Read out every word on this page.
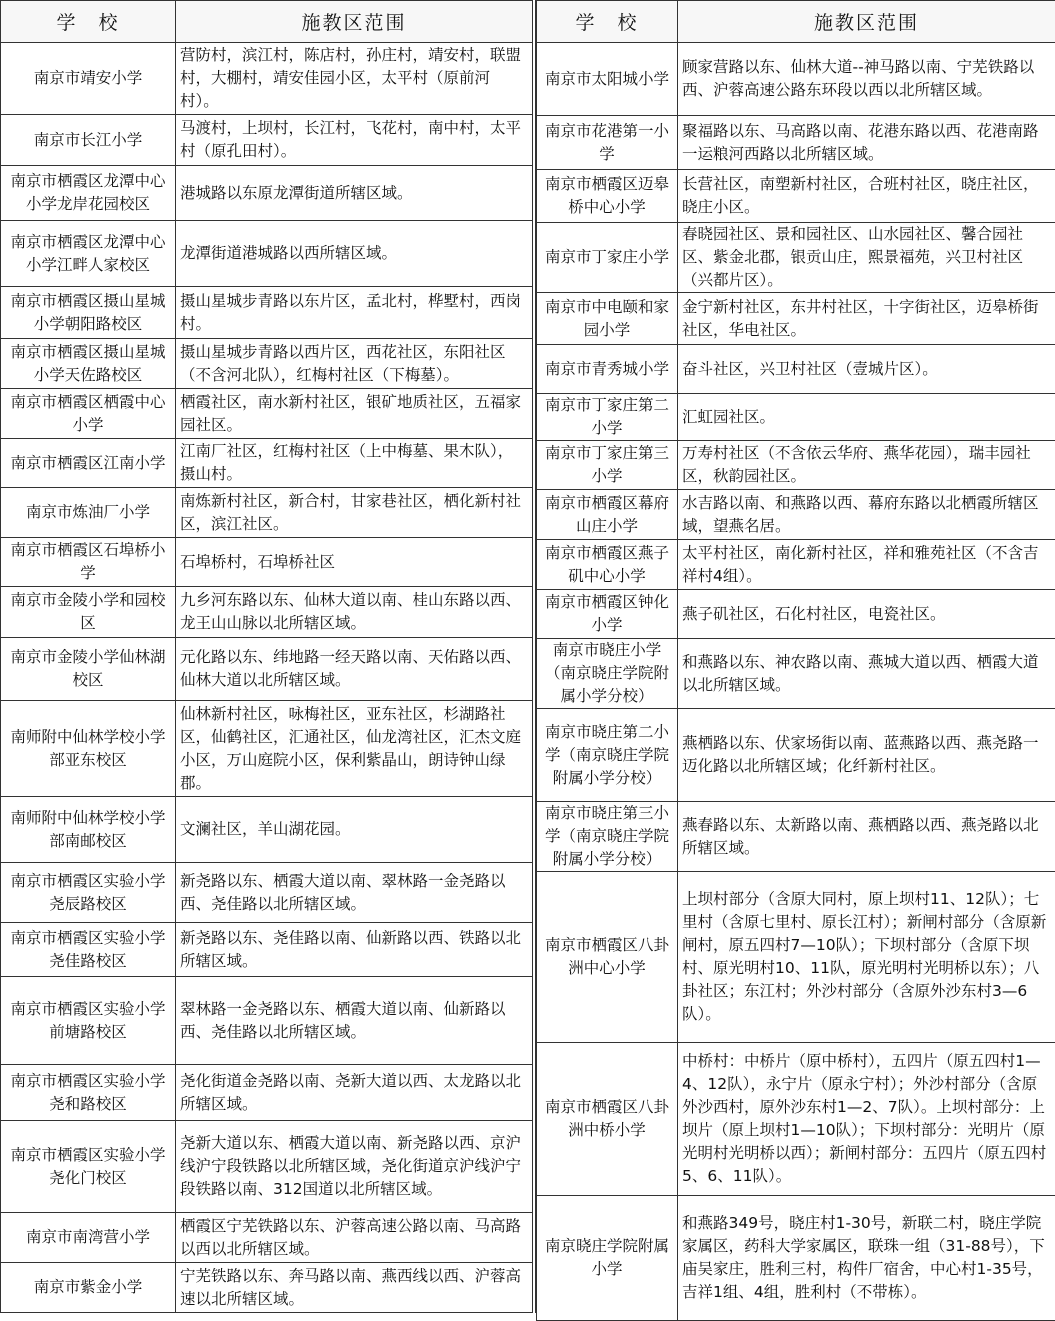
学　校	施教区范围
南京市靖安小学	营防村，滨江村，陈店村，孙庄村，靖安村，联盟村，大棚村，靖安佳园小区，太平村（原前河村）。
南京市长江小学	马渡村，上坝村，长江村，飞花村，南中村，太平村（原孔田村）。
南京市栖霞区龙潭中心小学龙岸花园校区	港城路以东原龙潭街道所辖区域。
南京市栖霞区龙潭中心小学江畔人家校区	龙潭街道港城路以西所辖区域。
南京市栖霞区摄山星城小学朝阳路校区	摄山星城步青路以东片区，孟北村，桦墅村，西岗村。
南京市栖霞区摄山星城小学天佐路校区	摄山星城步青路以西片区，西花社区，东阳社区（不含河北队），红梅村社区（下梅墓）。
南京市栖霞区栖霞中心小学	栖霞社区，南水新村社区，银矿地质社区，五福家园社区。
南京市栖霞区江南小学	江南厂社区，红梅村社区（上中梅墓、果木队），摄山村。
南京市炼油厂小学	南炼新村社区，新合村，甘家巷社区，栖化新村社区，滨江社区。
南京市栖霞区石埠桥小学	石埠桥村，石埠桥社区
南京市金陵小学和园校区	九乡河东路以东、仙林大道以南、桂山东路以西、龙王山山脉以北所辖区域。
南京市金陵小学仙林湖校区	元化路以东、纬地路一经天路以南、天佑路以西、仙林大道以北所辖区域。
南师附中仙林学校小学部亚东校区	仙林新村社区，咏梅社区，亚东社区，杉湖路社区，仙鹤社区，汇通社区，仙龙湾社区，汇杰文庭小区，万山庭院小区，保利紫晶山，朗诗钟山绿郡。
南师附中仙林学校小学部南邮校区	文澜社区，羊山湖花园。
南京市栖霞区实验小学尧辰路校区	新尧路以东、栖霞大道以南、翠林路一金尧路以西、尧佳路以北所辖区域。
南京市栖霞区实验小学尧佳路校区	新尧路以东、尧佳路以南、仙新路以西、铁路以北所辖区域。
南京市栖霞区实验小学前塘路校区	翠林路一金尧路以东、栖霞大道以南、仙新路以西、尧佳路以北所辖区域。
南京市栖霞区实验小学尧和路校区	尧化街道金尧路以南、尧新大道以西、太龙路以北所辖区域。
南京市栖霞区实验小学尧化门校区	尧新大道以东、栖霞大道以南、新尧路以西、京沪线沪宁段铁路以北所辖区域，尧化街道京沪线沪宁段铁路以南、312国道以北所辖区域。
南京市南湾营小学	栖霞区宁芜铁路以东、沪蓉高速公路以南、马高路以西以北所辖区域。
南京市紫金小学	宁芜铁路以东、奔马路以南、燕西线以西、沪蓉高速以北所辖区域。
学　校	施教区范围
南京市太阳城小学	顾家营路以东、仙林大道--神马路以南、宁芜铁路以西、沪蓉高速公路东环段以西以北所辖区域。
南京市花港第一小学	聚福路以东、马高路以南、花港东路以西、花港南路一运粮河西路以北所辖区域。
南京市栖霞区迈皋桥中心小学	长营社区，南塑新村社区，合班村社区，晓庄社区，晓庄小区。
南京市丁家庄小学	春晓园社区、景和园社区、山水园社区、馨合园社区、紫金北郡，银贡山庄，熙景福苑，兴卫村社区（兴都片区）。
南京市中电颐和家园小学	金宁新村社区，东井村社区，十字街社区，迈皋桥街社区，华电社区。
南京市青秀城小学	奋斗社区，兴卫村社区（壹城片区）。
南京市丁家庄第二小学	汇虹园社区。
南京市丁家庄第三小学	万寿村社区（不含依云华府、燕华花园），瑞丰园社区，秋韵园社区。
南京市栖霞区幕府山庄小学	水吉路以南、和燕路以西、幕府东路以北栖霞所辖区域，望燕名居。
南京市栖霞区燕子矶中心小学	太平村社区，南化新村社区，祥和雅苑社区（不含吉祥村4组）。
南京市栖霞区钟化小学	燕子矶社区，石化村社区，电瓷社区。
南京市晓庄小学（南京晓庄学院附属小学分校）	和燕路以东、神农路以南、燕城大道以西、栖霞大道以北所辖区域。
南京市晓庄第二小学（南京晓庄学院附属小学分校）	燕栖路以东、伏家场街以南、蓝燕路以西、燕尧路一迈化路以北所辖区域；化纤新村社区。
南京市晓庄第三小学（南京晓庄学院附属小学分校）	燕春路以东、太新路以南、燕栖路以西、燕尧路以北所辖区域。
南京市栖霞区八卦洲中心小学	上坝村部分（含原大同村，原上坝村11、12队）；七里村（含原七里村、原长江村）；新闸村部分（含原新闸村，原五四村7—10队）；下坝村部分（含原下坝村、原光明村10、11队，原光明村光明桥以东）；八卦社区；东江村；外沙村部分（含原外沙东村3—6队）。
南京市栖霞区八卦洲中桥小学	中桥村：中桥片（原中桥村），五四片（原五四村1—4、12队），永宁片（原永宁村）；外沙村部分（含原外沙西村，原外沙东村1—2、7队）。上坝村部分：上坝片（原上坝村1—10队）；下坝村部分：光明片（原光明村光明桥以西）；新闸村部分：五四片（原五四村5、6、11队）。
南京晓庄学院附属小学	和燕路349号，晓庄村1-30号，新联二村，晓庄学院家属区，药科大学家属区，联珠一组（31-88号），下庙吴家庄，胜利三村，构件厂宿舍，中心村1-35号，吉祥1组、4组，胜利村（不带栋）。
